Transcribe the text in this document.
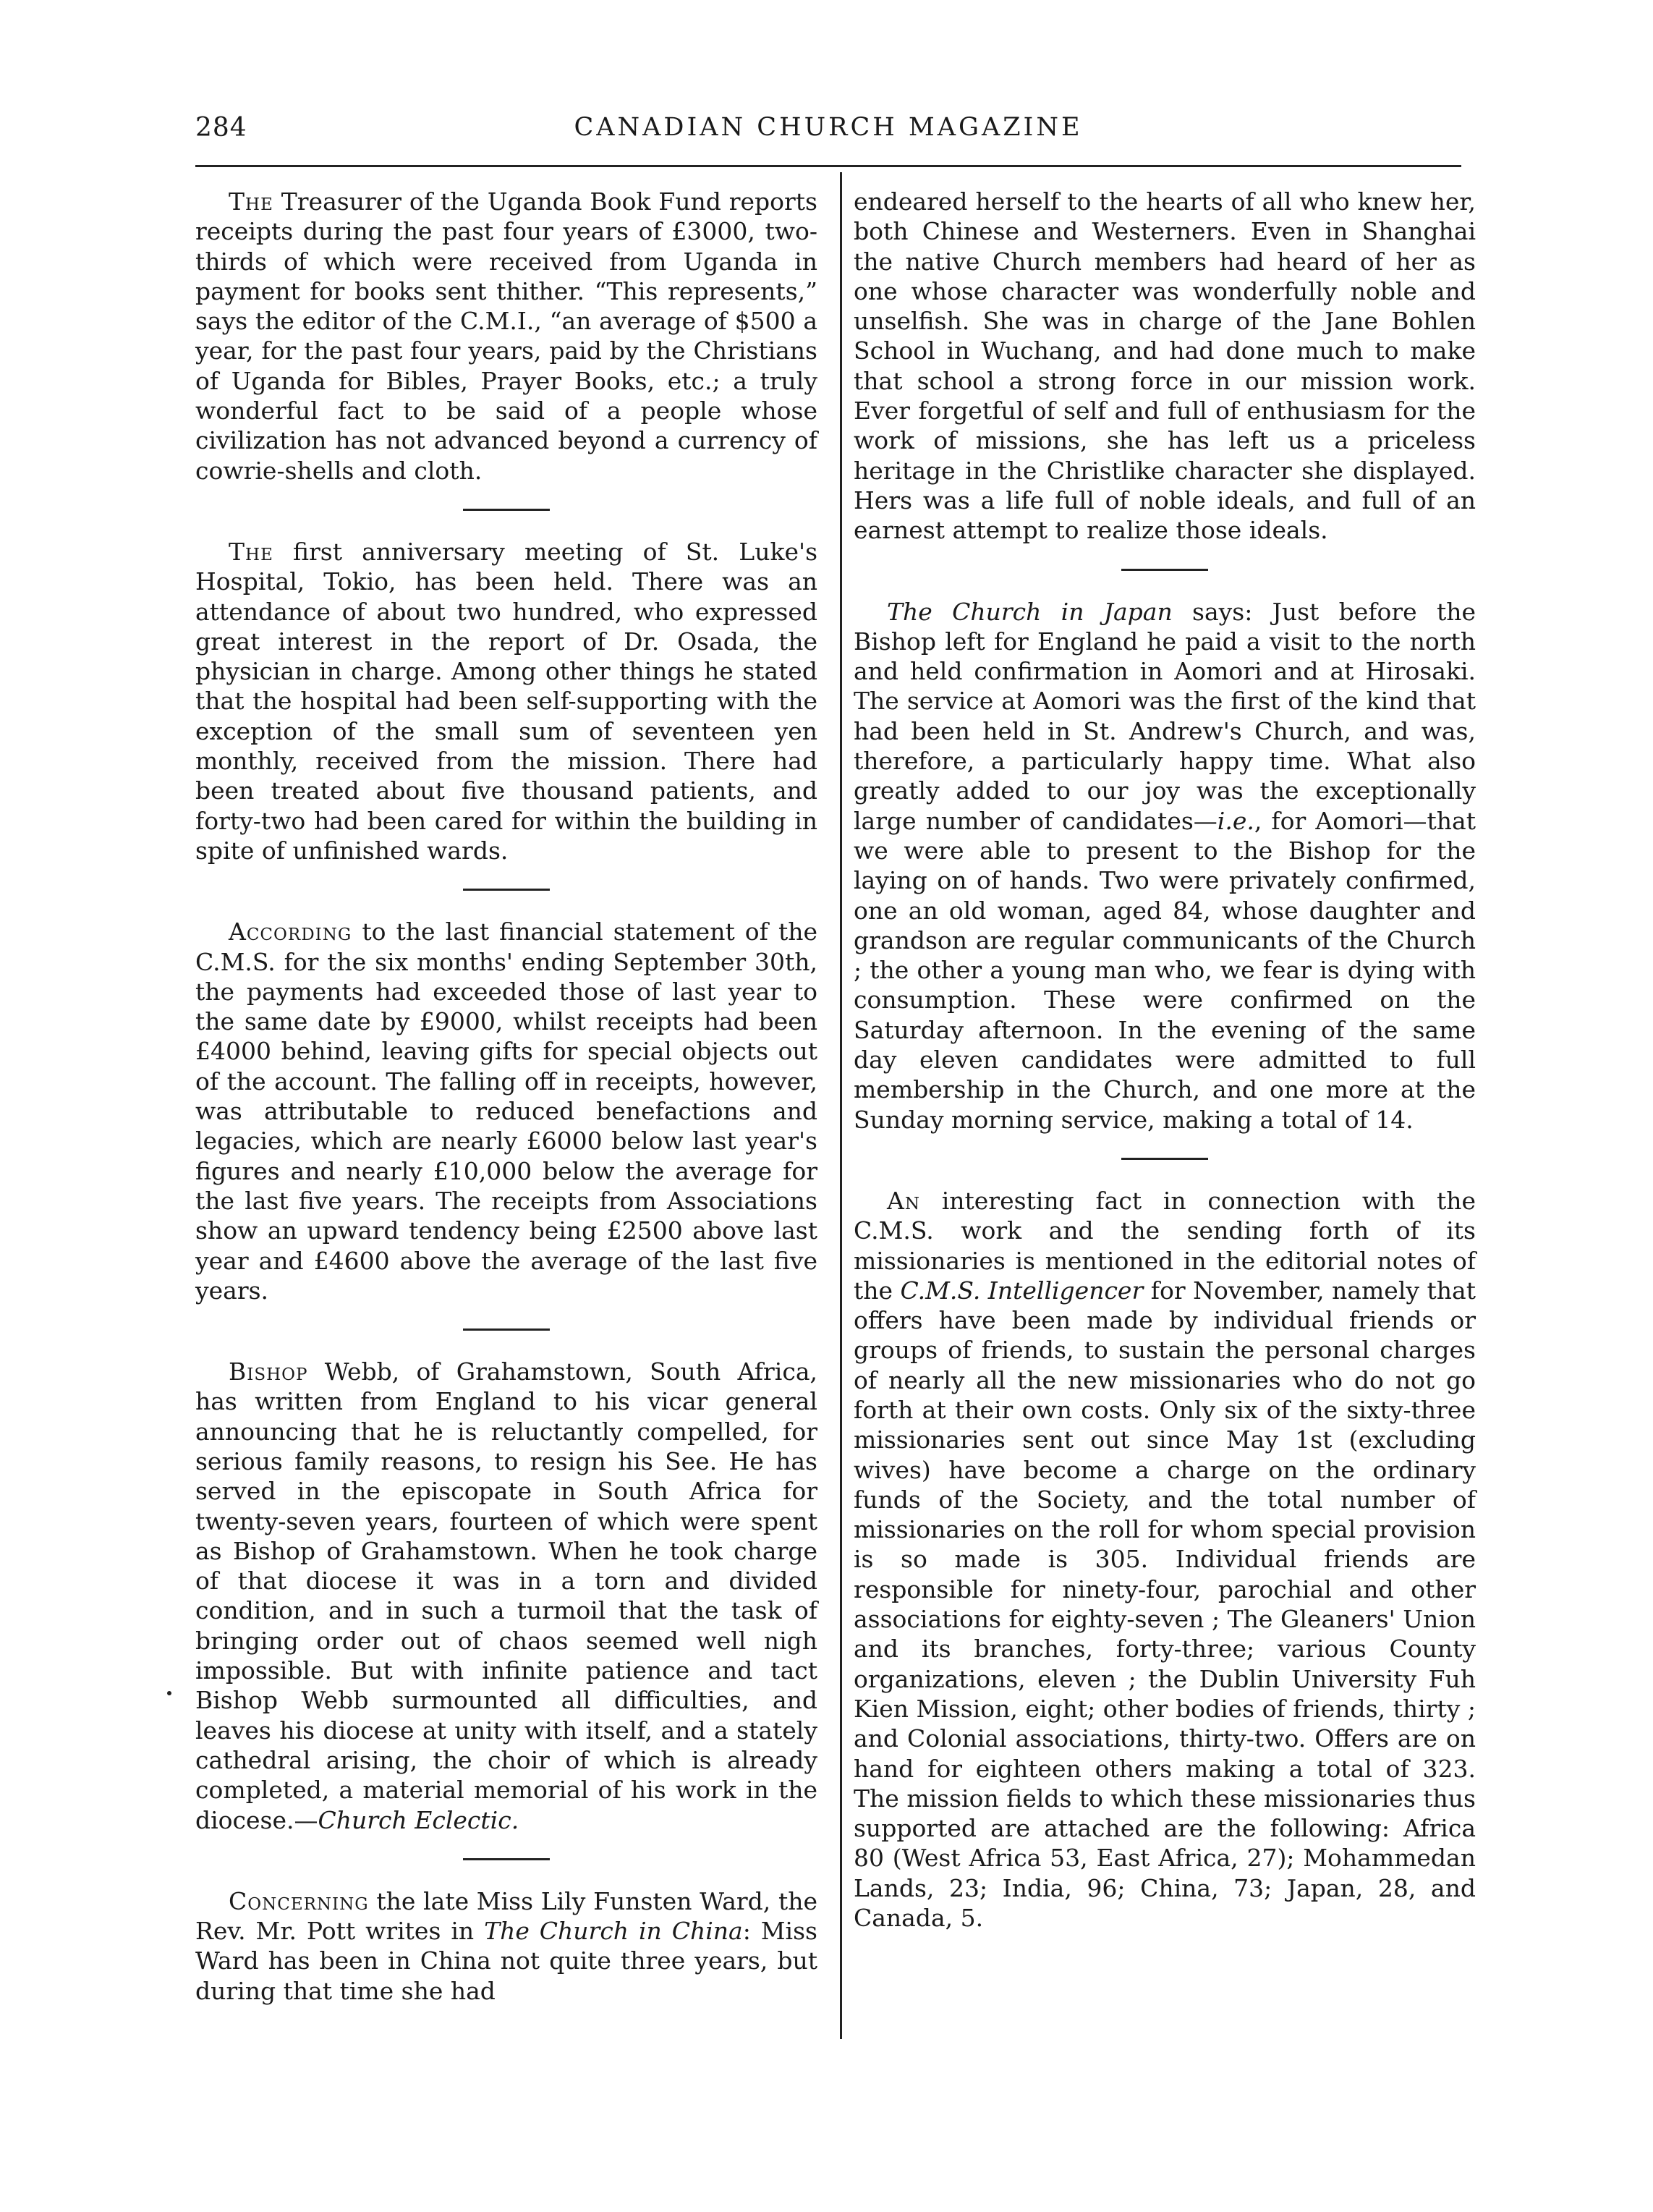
284	CANADIAN CHURCH MAGAZINE

The Treasurer of the Uganda Book Fund reports receipts during the past four years of £3000, two-thirds of which were received from Uganda in payment for books sent thither. “This represents,” says the editor of the C.M.I., “an average of $500 a year, for the past four years, paid by the Christians of Uganda for Bibles, Prayer Books, etc.; a truly wonderful fact to be said of a people whose civilization has not advanced beyond a currency of cowrie-shells and cloth.

The first anniversary meeting of St. Luke's Hospital, Tokio, has been held. There was an attendance of about two hundred, who expressed great interest in the report of Dr. Osada, the physician in charge. Among other things he stated that the hospital had been self-supporting with the exception of the small sum of seventeen yen monthly, received from the mission. There had been treated about five thousand patients, and forty-two had been cared for within the building in spite of unfinished wards.

According to the last financial statement of the C.M.S. for the six months' ending September 30th, the payments had exceeded those of last year to the same date by £9000, whilst receipts had been £4000 behind, leaving gifts for special objects out of the account. The falling off in receipts, however, was attributable to reduced benefactions and legacies, which are nearly £6000 below last year's figures and nearly £10,000 below the average for the last five years. The receipts from Associations show an upward tendency being £2500 above last year and £4600 above the average of the last five years.

Bishop Webb, of Grahamstown, South Africa, has written from England to his vicar general announcing that he is reluctantly compelled, for serious family reasons, to resign his See. He has served in the episcopate in South Africa for twenty-seven years, fourteen of which were spent as Bishop of Grahamstown. When he took charge of that diocese it was in a torn and divided condition, and in such a turmoil that the task of bringing order out of chaos seemed well nigh impossible. But with infinite patience and tact Bishop Webb surmounted all difficulties, and leaves his diocese at unity with itself, and a stately cathedral arising, the choir of which is already completed, a material memorial of his work in the diocese.—Church Eclectic.

Concerning the late Miss Lily Funsten Ward, the Rev. Mr. Pott writes in The Church in China: Miss Ward has been in China not quite three years, but during that time she had

endeared herself to the hearts of all who knew her, both Chinese and Westerners. Even in Shanghai the native Church members had heard of her as one whose character was wonderfully noble and unselfish. She was in charge of the Jane Bohlen School in Wuchang, and had done much to make that school a strong force in our mission work. Ever forgetful of self and full of enthusiasm for the work of missions, she has left us a priceless heritage in the Christlike character she displayed. Hers was a life full of noble ideals, and full of an earnest attempt to realize those ideals.

The Church in Japan says: Just before the Bishop left for England he paid a visit to the north and held confirmation in Aomori and at Hirosaki. The service at Aomori was the first of the kind that had been held in St. Andrew's Church, and was, therefore, a particularly happy time. What also greatly added to our joy was the exceptionally large number of candidates—i.e., for Aomori—that we were able to present to the Bishop for the laying on of hands. Two were privately confirmed, one an old woman, aged 84, whose daughter and grandson are regular communicants of the Church ; the other a young man who, we fear is dying with consumption. These were confirmed on the Saturday afternoon. In the evening of the same day eleven candidates were admitted to full membership in the Church, and one more at the Sunday morning service, making a total of 14.

An interesting fact in connection with the C.M.S. work and the sending forth of its missionaries is mentioned in the editorial notes of the C.M.S. Intelligencer for November, namely that offers have been made by individual friends or groups of friends, to sustain the personal charges of nearly all the new missionaries who do not go forth at their own costs. Only six of the sixty-three missionaries sent out since May 1st (excluding wives) have become a charge on the ordinary funds of the Society, and the total number of missionaries on the roll for whom special provision is so made is 305. Individual friends are responsible for ninety-four, parochial and other associations for eighty-seven ; The Gleaners' Union and its branches, forty-three; various County organizations, eleven ; the Dublin University Fuh Kien Mission, eight; other bodies of friends, thirty ; and Colonial associations, thirty-two. Offers are on hand for eighteen others making a total of 323. The mission fields to which these missionaries thus supported are attached are the following: Africa 80 (West Africa 53, East Africa, 27); Mohammedan Lands, 23; India, 96; China, 73; Japan, 28, and Canada, 5.
